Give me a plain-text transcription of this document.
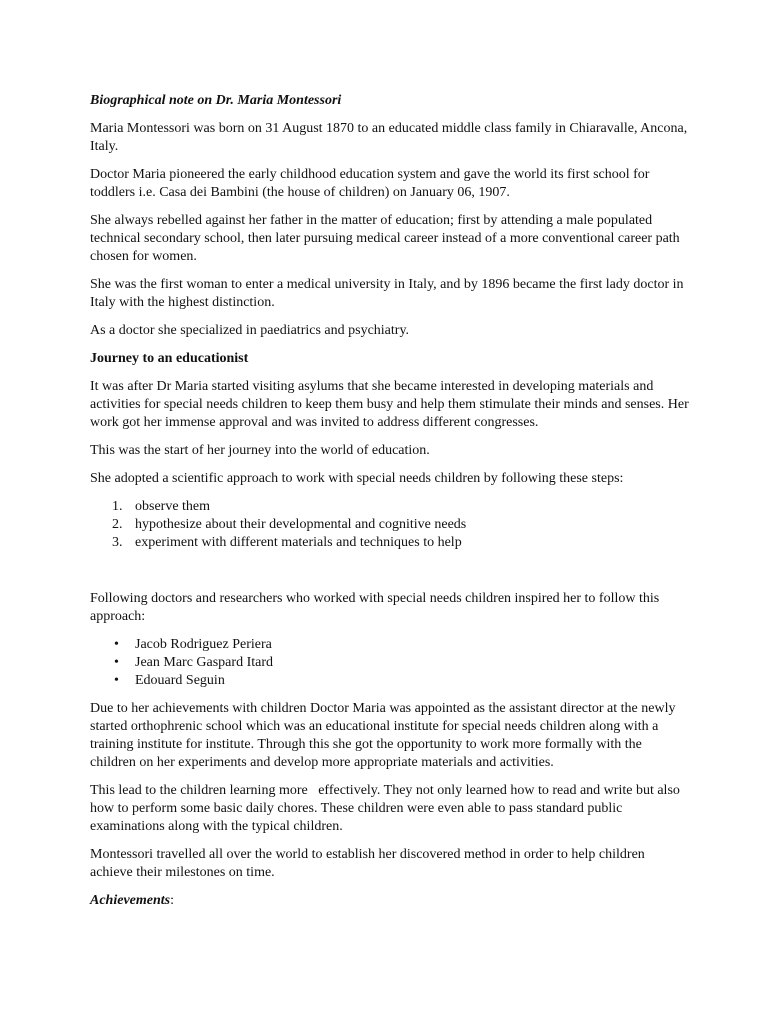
Biographical note on Dr. Maria Montessori

Maria Montessori was born on 31 August 1870 to an educated middle class family in Chiaravalle, Ancona, Italy.

Doctor Maria pioneered the early childhood education system and gave the world its first school for toddlers i.e. Casa dei Bambini (the house of children) on January 06, 1907.

She always rebelled against her father in the matter of education; first by attending a male populated technical secondary school, then later pursuing medical career instead of a more conventional career path chosen for women.

She was the first woman to enter a medical university in Italy, and by 1896 became the first lady doctor in Italy with the highest distinction.

As a doctor she specialized in paediatrics and psychiatry.

Journey to an educationist

It was after Dr Maria started visiting asylums that she became interested in developing materials and activities for special needs children to keep them busy and help them stimulate their minds and senses. Her work got her immense approval and was invited to address different congresses.

This was the start of her journey into the world of education.

She adopted a scientific approach to work with special needs children by following these steps:

1. observe them
2. hypothesize about their developmental and cognitive needs
3. experiment with different materials and techniques to help

Following doctors and researchers who worked with special needs children inspired her to follow this approach:

• Jacob Rodriguez Periera
• Jean Marc Gaspard Itard
• Edouard Seguin

Due to her achievements with children Doctor Maria was appointed as the assistant director at the newly started orthophrenic school which was an educational institute for special needs children along with a training institute for institute. Through this she got the opportunity to work more formally with the children on her experiments and develop more appropriate materials and activities.

This lead to the children learning more   effectively. They not only learned how to read and write but also how to perform some basic daily chores. These children were even able to pass standard public examinations along with the typical children.

Montessori travelled all over the world to establish her discovered method in order to help children achieve their milestones on time.

Achievements:
